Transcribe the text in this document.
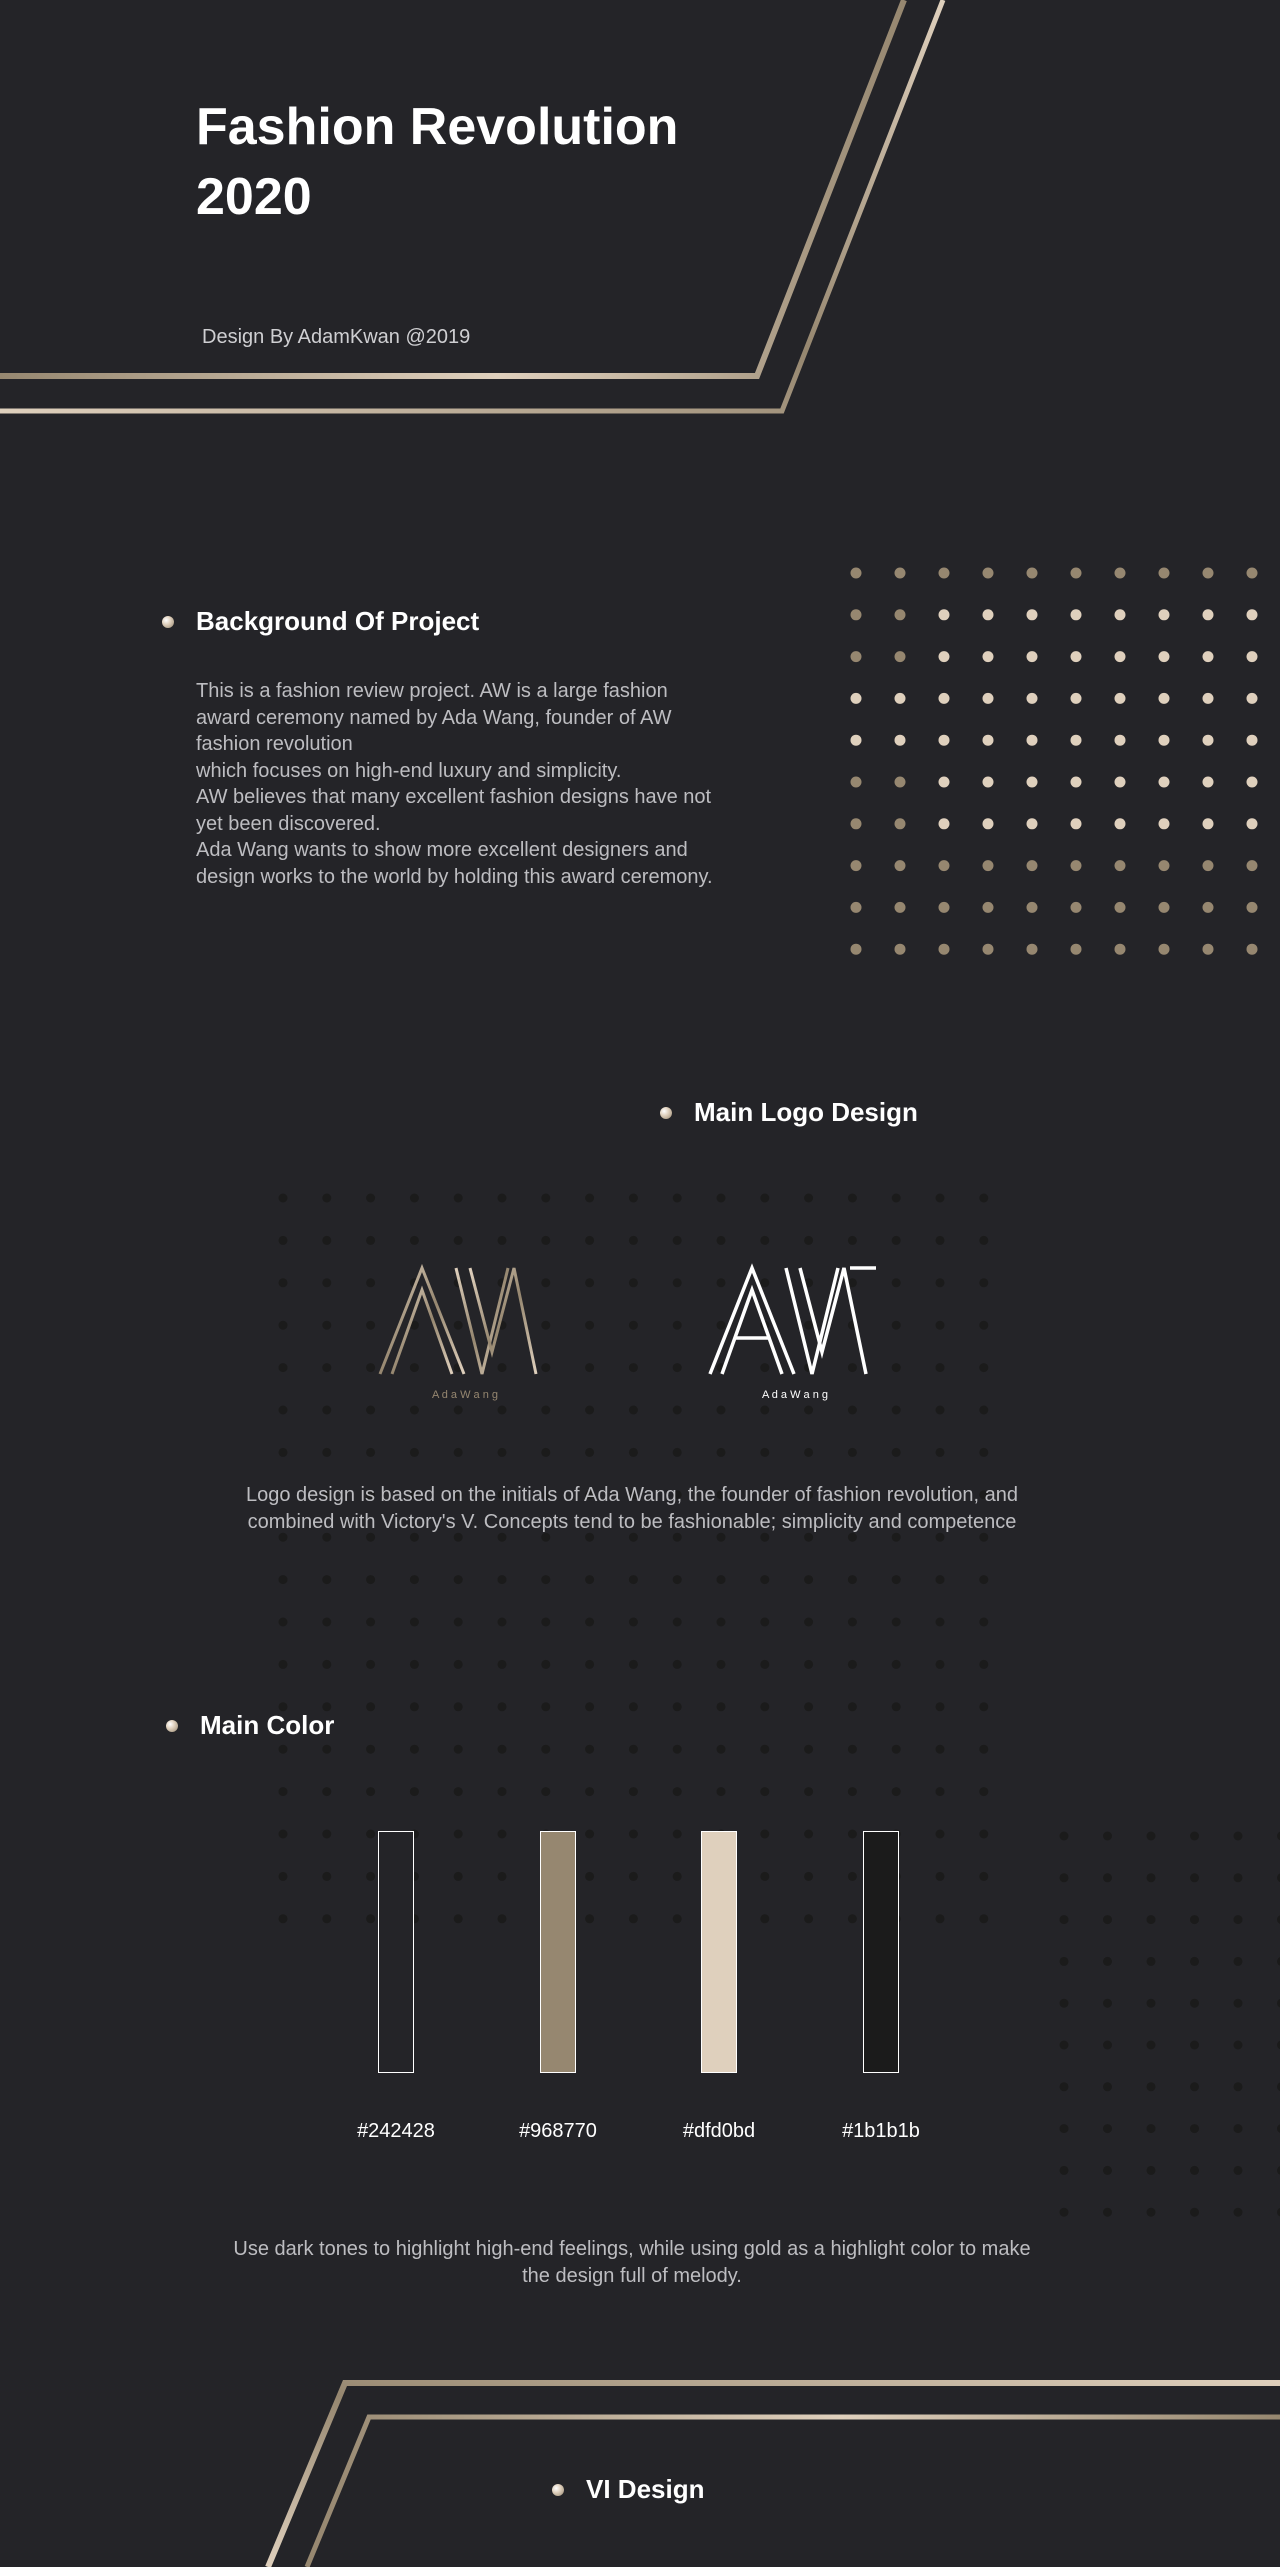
Fashion Revolution
2020
Design By AdamKwan @2019
Background Of Project

This is a fashion review project. AW is a large fashion award ceremony named by Ada Wang, founder of AW fashion revolution

which focuses on high-end luxury and simplicity.

AW believes that many excellent fashion designs have not yet been discovered.

Ada Wang wants to show more excellent designers and design works to the world by holding this award ceremony.

Main Logo Design
A d a W a n g	A d a W a n g
Logo design is based on the initials of Ada Wang, the founder of fashion revolution, and combined with Victory's V. Concepts tend to be fashionable; simplicity and competence
Main Color
#242428	#968770	#dfd0bd	#1b1b1b
Use dark tones to highlight high-end feelings, while using gold as a highlight color to make the design full of melody.
VI Design
